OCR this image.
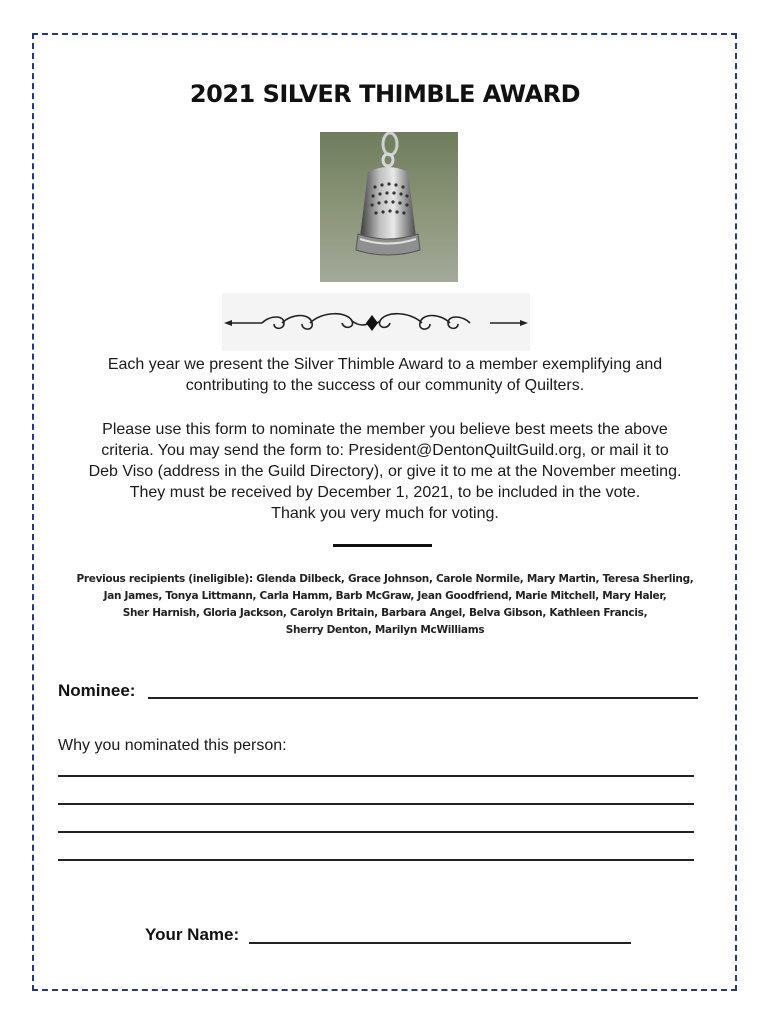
2021 SILVER THIMBLE AWARD
Each year we present the Silver Thimble Award to a member exemplifying and
contributing to the success of our community of Quilters.
Please use this form to nominate the member you believe best meets the above
criteria. You may send the form to: President@DentonQuiltGuild.org, or mail it to
Deb Viso (address in the Guild Directory), or give it to me at the November meeting.
They must be received by December 1, 2021, to be included in the vote.
Thank you very much for voting.
Previous recipients (ineligible): Glenda Dilbeck, Grace Johnson, Carole Normile, Mary Martin, Teresa Sherling,
Jan James, Tonya Littmann, Carla Hamm, Barb McGraw, Jean Goodfriend, Marie Mitchell, Mary Haler,
Sher Harnish, Gloria Jackson, Carolyn Britain, Barbara Angel, Belva Gibson, Kathleen Francis,
Sherry Denton, Marilyn McWilliams
Nominee:
Why you nominated this person:
Your Name:
